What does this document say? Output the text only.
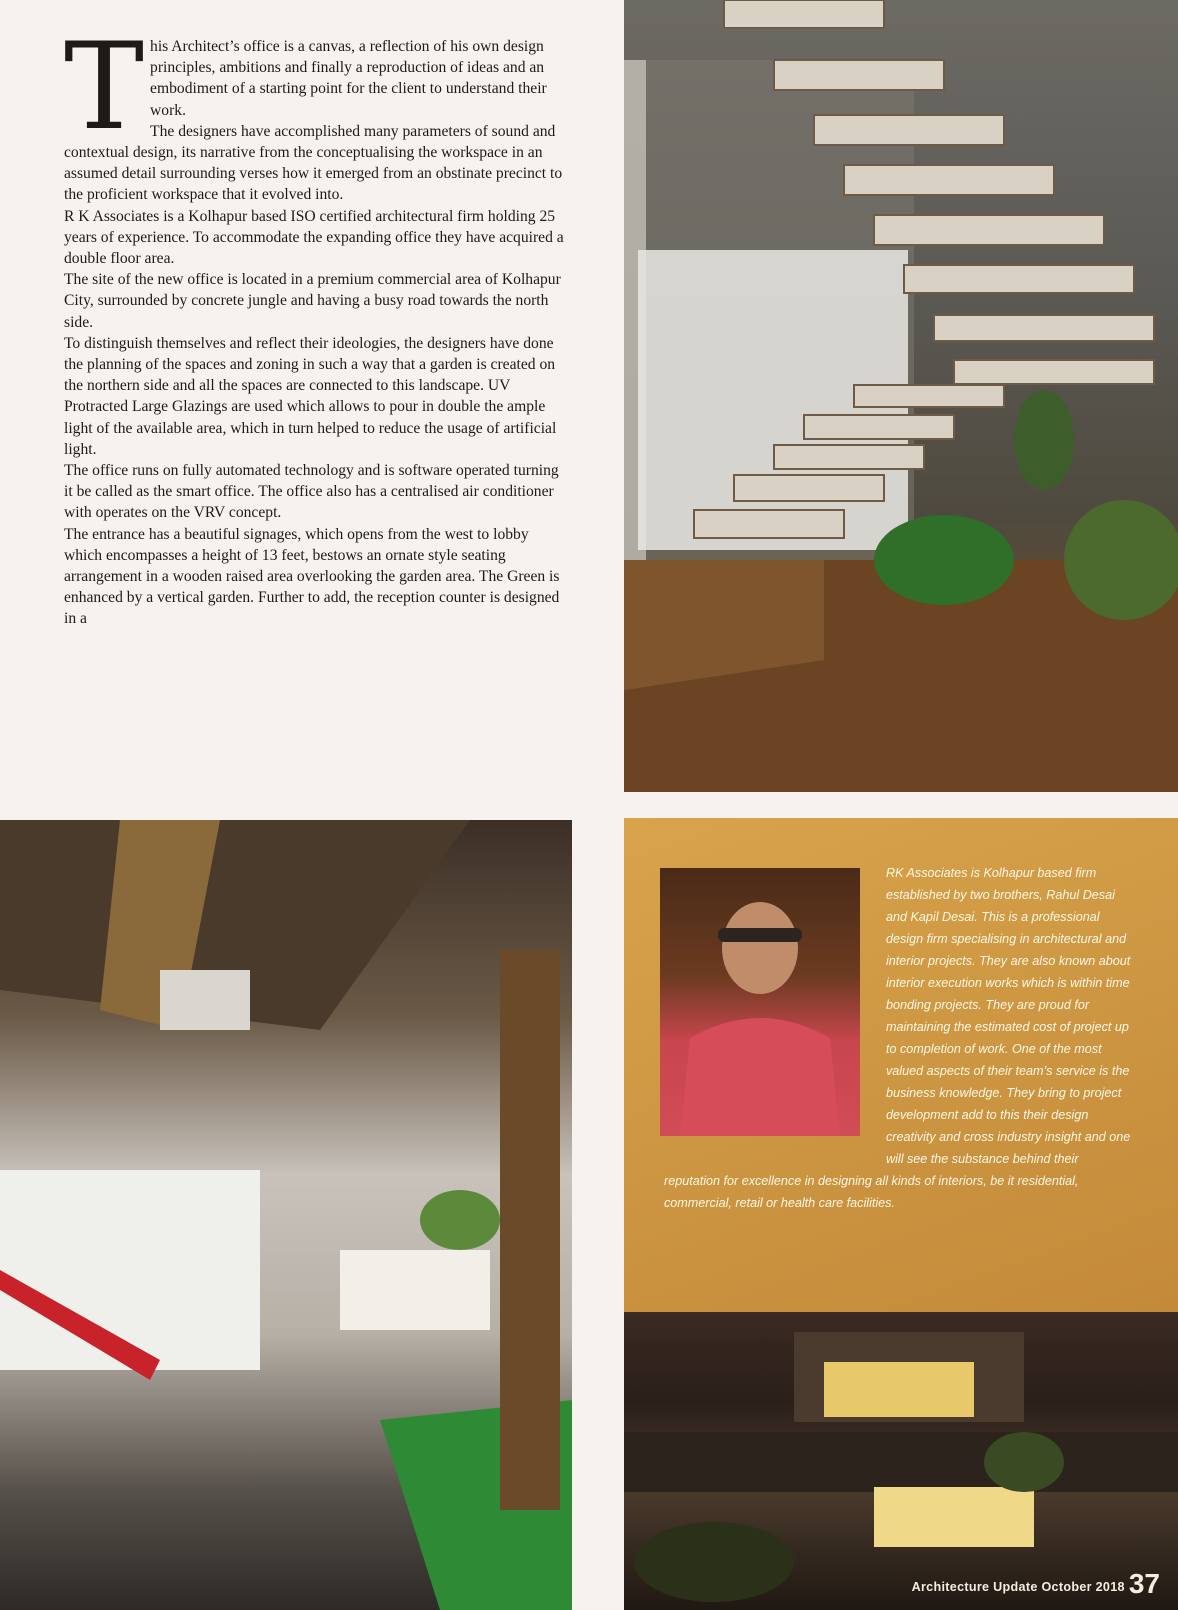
T his Architect’s office is a canvas, a reflection of his own design principles, ambitions and finally a reproduction of ideas and an embodiment of a starting point for the client to understand their work.

The designers have accomplished many parameters of sound and contextual design, its narrative from the conceptualising the workspace in an assumed detail surrounding verses how it emerged from an obstinate precinct to the proficient workspace that it evolved into.

R K Associates is a Kolhapur based ISO certified architectural firm holding 25 years of experience. To accommodate the expanding office they have acquired a double floor area.

The site of the new office is located in a premium commercial area of Kolhapur City, surrounded by concrete jungle and having a busy road towards the north side.

To distinguish themselves and reflect their ideologies, the designers have done the planning of the spaces and zoning in such a way that a garden is created on the northern side and all the spaces are connected to this landscape. UV Protracted Large Glazings are used which allows to pour in double the ample light of the available area, which in turn helped to reduce the usage of artificial light.

The office runs on fully automated technology and is software operated turning it be called as the smart office. The office also has a centralised air conditioner with operates on the VRV concept.

The entrance has a beautiful signages, which opens from the west to lobby which encompasses a height of 13 feet, bestows an ornate style seating arrangement in a wooden raised area overlooking the garden area. The Green is enhanced by a vertical garden. Further to add, the reception counter is designed in a

RK Associates is Kolhapur based firm established by two brothers, Rahul Desai and Kapil Desai. This is a professional design firm specialising in architectural and interior projects. They are also known about interior execution works which is within time bonding projects. They are proud for maintaining the estimated cost of project up to completion of work. One of the most valued aspects of their team’s service is the business knowledge. They bring to project development add to this their design creativity and cross industry insight and one will see the substance behind their reputation for excellence in designing all kinds of interiors, be it residential, commercial, retail or health care facilities.
Architecture Update October 2018 37
